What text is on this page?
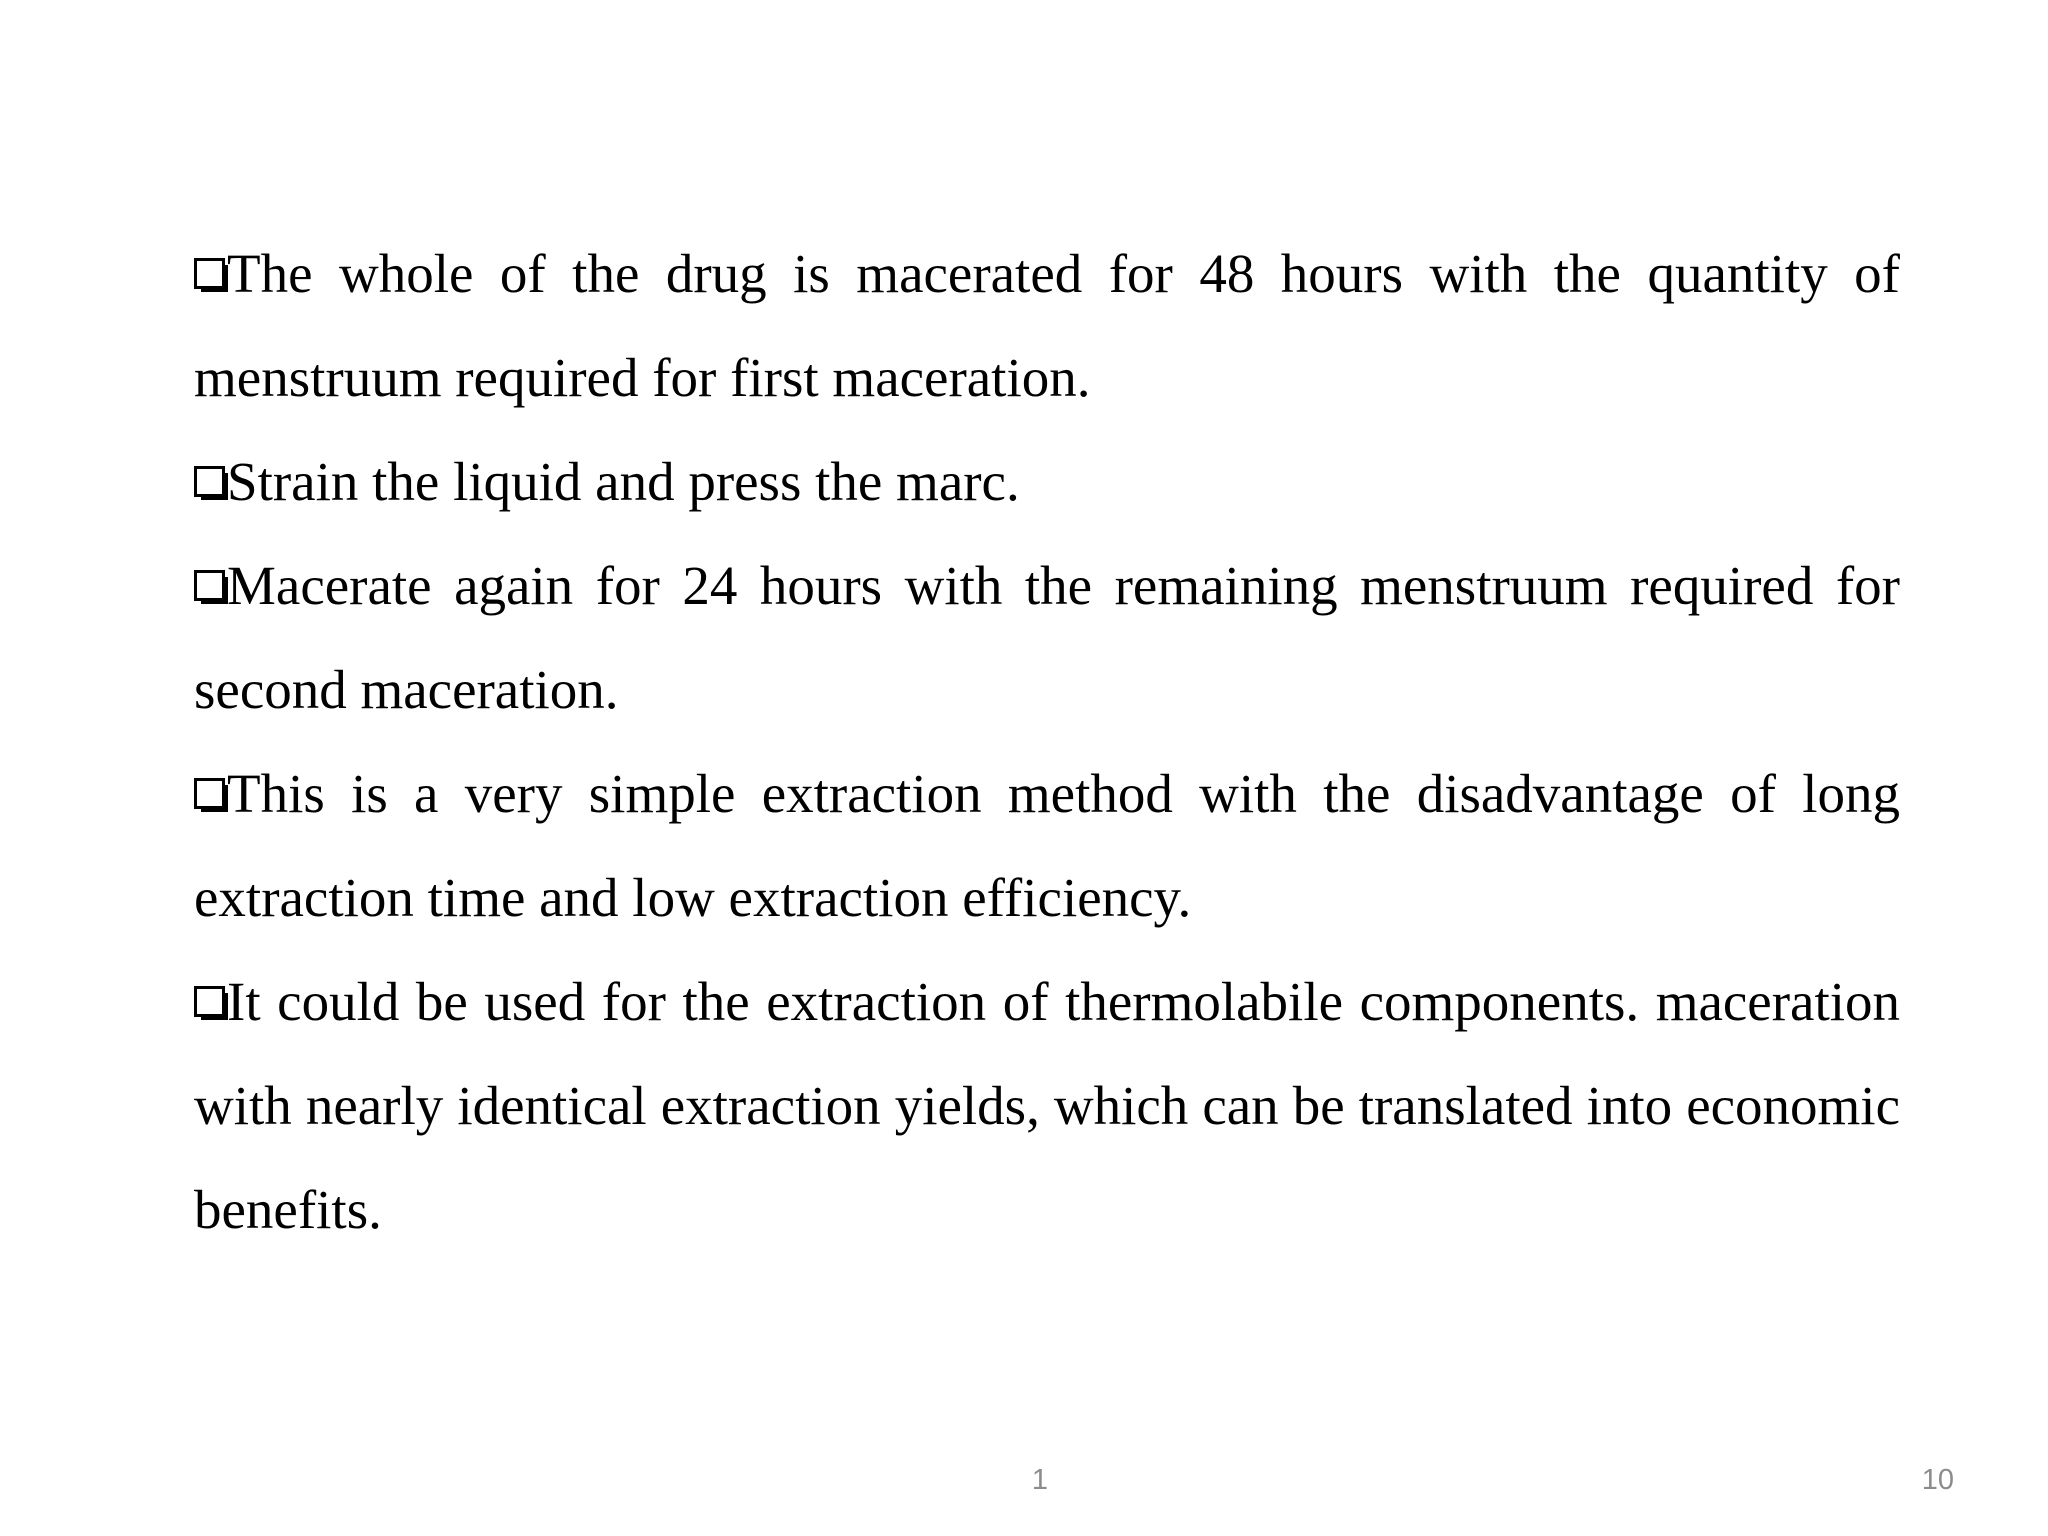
The whole of the drug is macerated for 48 hours with the quantity of menstruum required for first maceration.

Strain the liquid and press the marc.

Macerate again for 24 hours with the remaining menstruum required for second maceration.

This is a very simple extraction method with the disadvantage of long extraction time and low extraction efficiency.

It could be used for the extraction of thermolabile components. maceration with nearly identical extraction yields, which can be translated into economic benefits.

1	10
